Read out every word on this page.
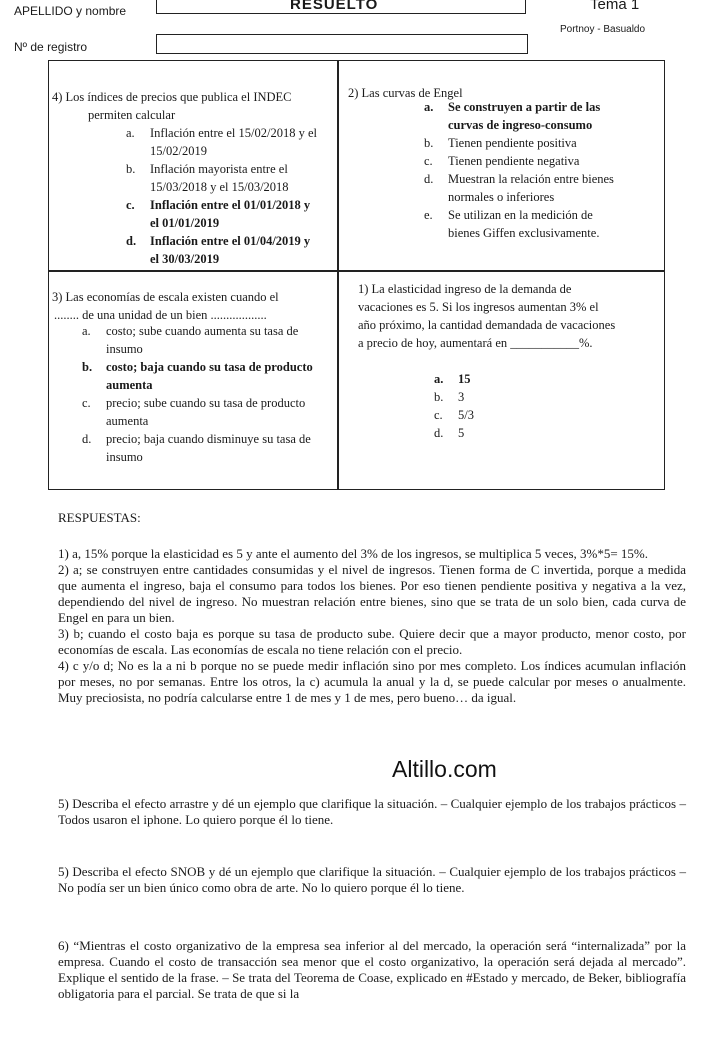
APELLIDO y nombre	RESUELTO	Tema 1
Portnoy - Basualdo
Nº de registro
4) Los índices de precios que publica el INDEC
permiten calcular
a. Inflación entre el 15/02/2018 y el
15/02/2019
b. Inflación mayorista entre el
15/03/2018 y el 15/03/2018
c. Inflación entre el 01/01/2018 y
el 01/01/2019
d. Inflación entre el 01/04/2019 y
el 30/03/2019
2) Las curvas de Engel
a. Se construyen a partir de las
curvas de ingreso-consumo
b. Tienen pendiente positiva
c. Tienen pendiente negativa
d. Muestran la relación entre bienes
normales o inferiores
e. Se utilizan en la medición de
bienes Giffen exclusivamente.
3) Las economías de escala existen cuando el
........ de una unidad de un bien ..................
a. costo; sube cuando aumenta su tasa de
insumo
b. costo; baja cuando su tasa de producto
aumenta
c. precio; sube cuando su tasa de producto
aumenta
d. precio; baja cuando disminuye su tasa de
insumo
1) La elasticidad ingreso de la demanda de
vacaciones es 5. Si los ingresos aumentan 3% el
año próximo, la cantidad demandada de vacaciones
a precio de hoy, aumentará en ___________%.
a. 15
b. 3
c. 5/3
d. 5
RESPUESTAS:

1) a, 15% porque la elasticidad es 5 y ante el aumento del 3% de los ingresos, se multiplica 5 veces, 3%*5= 15%.

2) a; se construyen entre cantidades consumidas y el nivel de ingresos. Tienen forma de C invertida, porque a medida que aumenta el ingreso, baja el consumo para todos los bienes. Por eso tienen pendiente positiva y negativa a la vez, dependiendo del nivel de ingreso. No muestran relación entre bienes, sino que se trata de un solo bien, cada curva de Engel en para un bien.

3) b; cuando el costo baja es porque su tasa de producto sube. Quiere decir que a mayor producto, menor costo, por economías de escala. Las economías de escala no tiene relación con el precio.

4) c y/o d; No es la a ni b porque no se puede medir inflación sino por mes completo. Los índices acumulan inflación por meses, no por semanas. Entre los otros, la c) acumula la anual y la d, se puede calcular por meses o anualmente. Muy preciosista, no podría calcularse entre 1 de mes y 1 de mes, pero bueno… da igual.

Altillo.com
5) Describa el efecto arrastre y dé un ejemplo que clarifique la situación. – Cualquier ejemplo de los trabajos prácticos – Todos usaron el iphone. Lo quiero porque él lo tiene.
5) Describa el efecto SNOB y dé un ejemplo que clarifique la situación. – Cualquier ejemplo de los trabajos prácticos – No podía ser un bien único como obra de arte. No lo quiero porque él lo tiene.
6) “Mientras el costo organizativo de la empresa sea inferior al del mercado, la operación será “internalizada” por la empresa. Cuando el costo de transacción sea menor que el costo organizativo, la operación será dejada al mercado”. Explique el sentido de la frase. – Se trata del Teorema de Coase, explicado en #Estado y mercado, de Beker, bibliografía obligatoria para el parcial. Se trata de que si la
